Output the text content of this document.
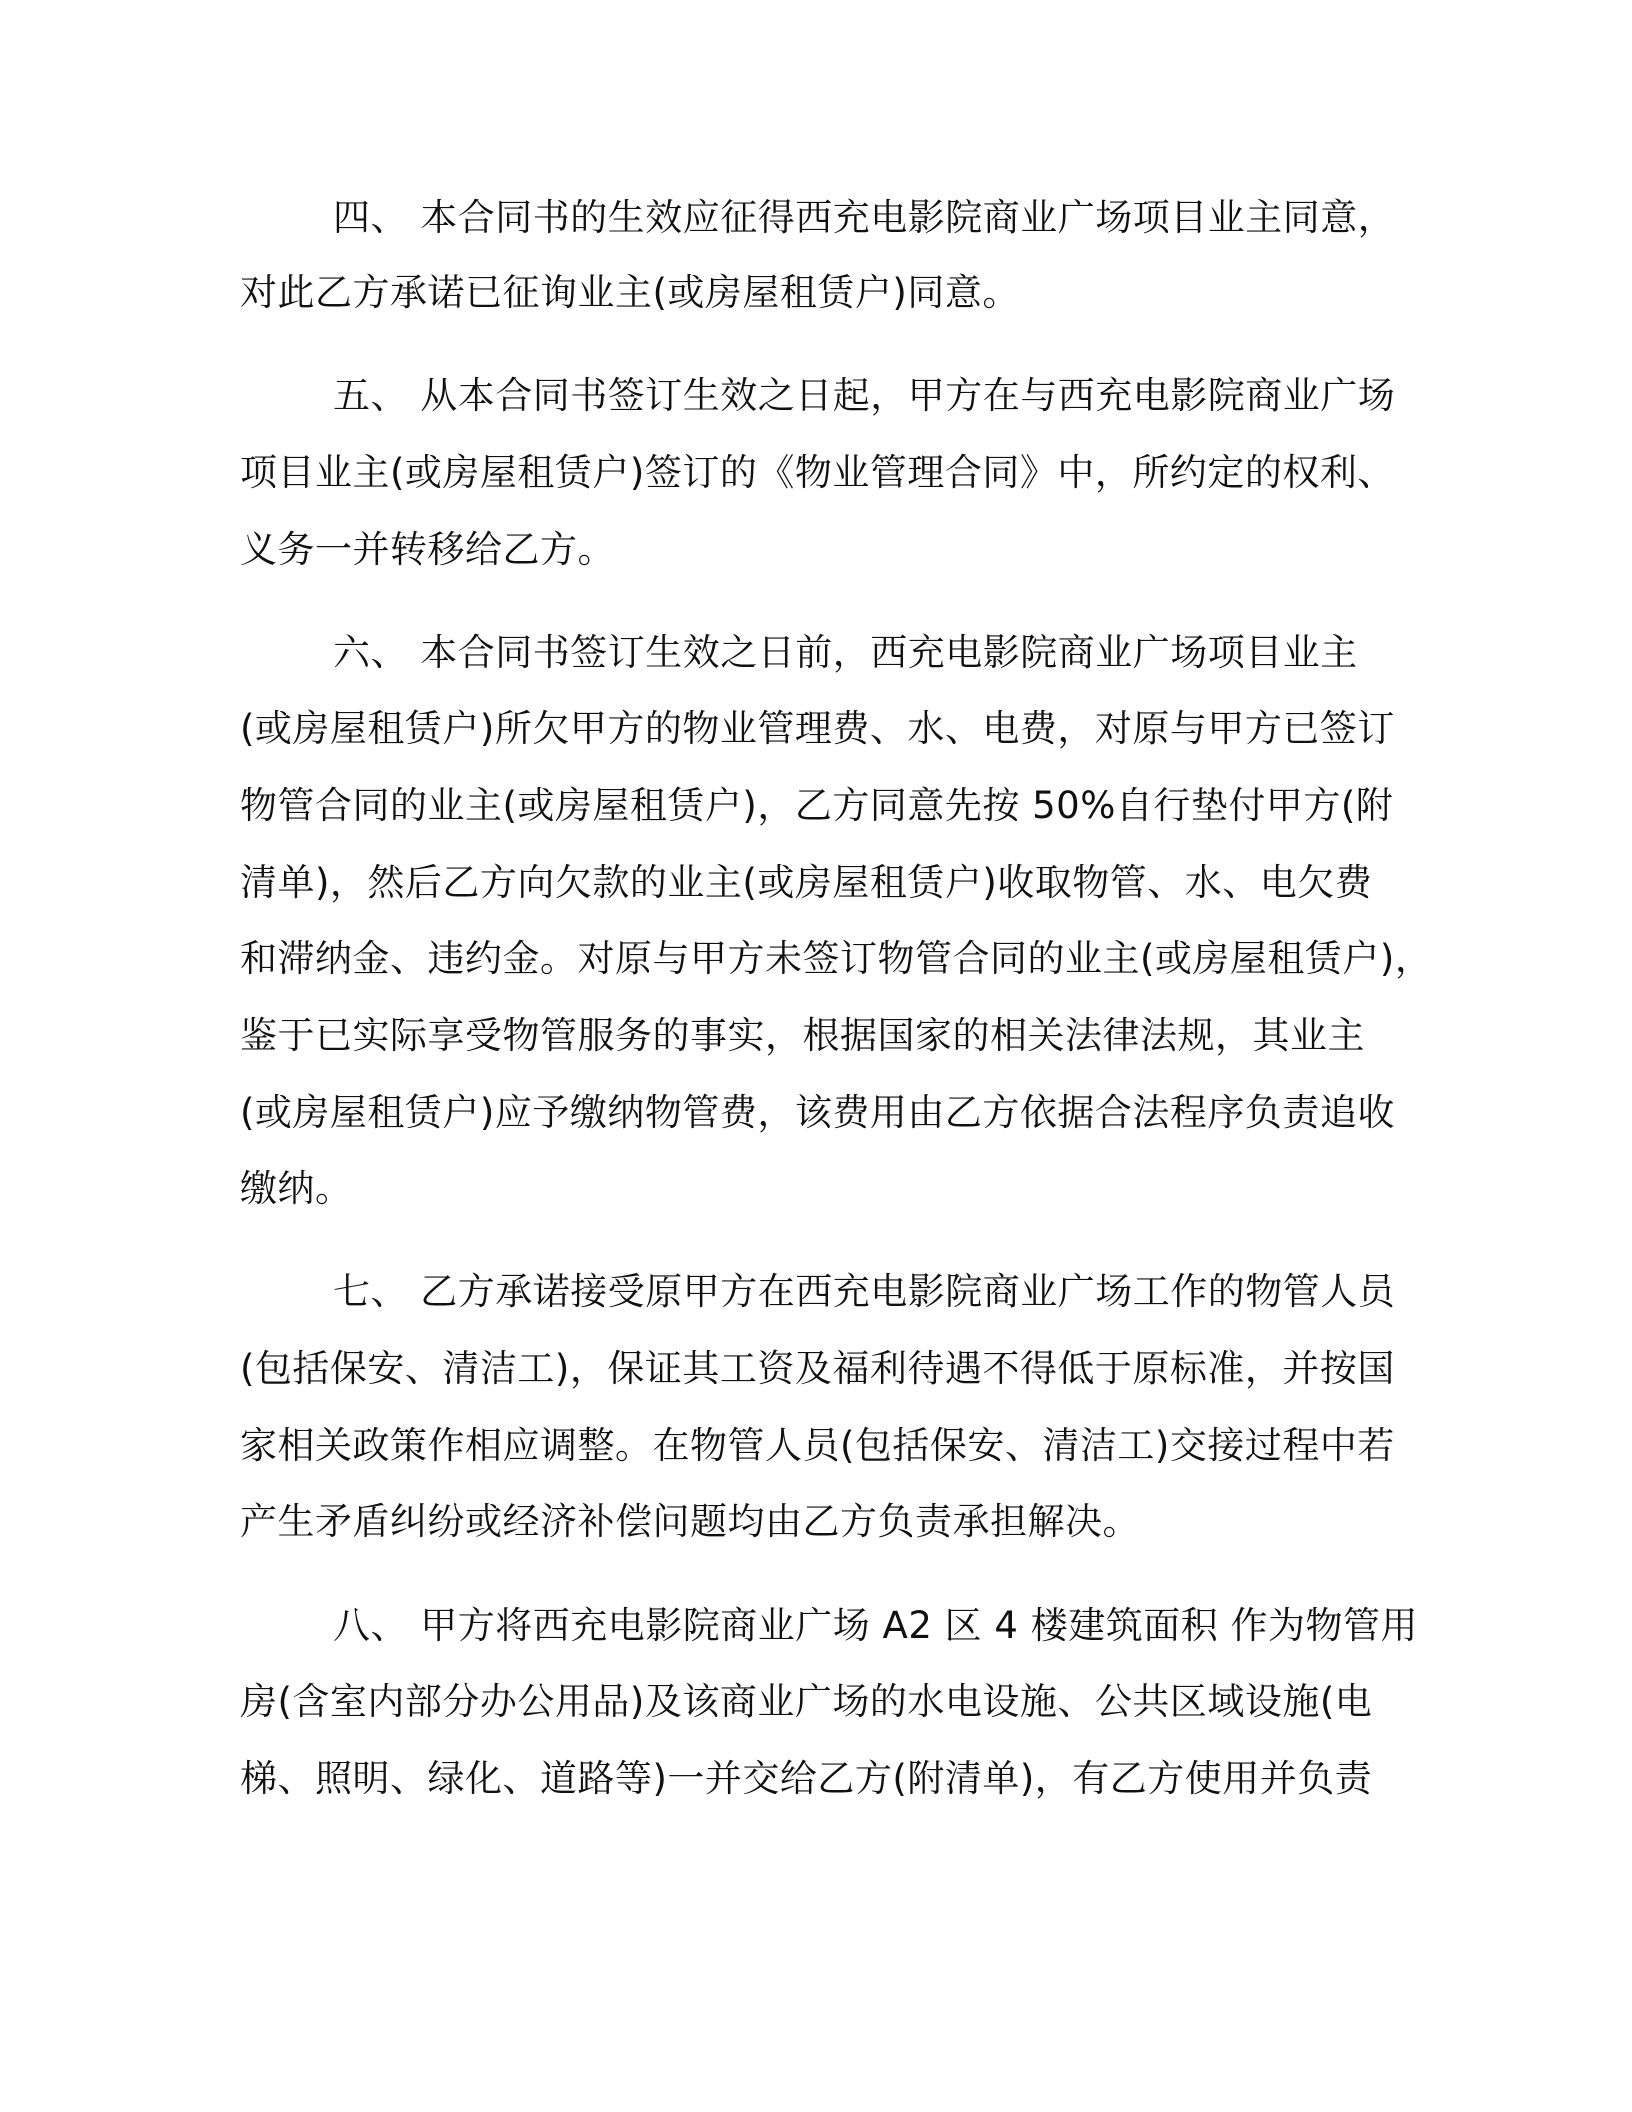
四、 本合同书的生效应征得西充电影院商业广场项目业主同意，
对此乙方承诺已征询业主(或房屋租赁户)同意。
五、 从本合同书签订生效之日起，甲方在与西充电影院商业广场
项目业主(或房屋租赁户)签订的《物业管理合同》中，所约定的权利、
义务一并转移给乙方。
六、 本合同书签订生效之日前，西充电影院商业广场项目业主
(或房屋租赁户)所欠甲方的物业管理费、水、电费，对原与甲方已签订
物管合同的业主(或房屋租赁户)，乙方同意先按 50%自行垫付甲方(附
清单)，然后乙方向欠款的业主(或房屋租赁户)收取物管、水、电欠费
和滞纳金、违约金。对原与甲方未签订物管合同的业主(或房屋租赁户)，
鉴于已实际享受物管服务的事实，根据国家的相关法律法规，其业主
(或房屋租赁户)应予缴纳物管费，该费用由乙方依据合法程序负责追收
缴纳。
七、 乙方承诺接受原甲方在西充电影院商业广场工作的物管人员
(包括保安、清洁工)，保证其工资及福利待遇不得低于原标准，并按国
家相关政策作相应调整。在物管人员(包括保安、清洁工)交接过程中若
产生矛盾纠纷或经济补偿问题均由乙方负责承担解决。
八、 甲方将西充电影院商业广场 A2 区 4 楼建筑面积 作为物管用
房(含室内部分办公用品)及该商业广场的水电设施、公共区域设施(电
梯、照明、绿化、道路等)一并交给乙方(附清单)，有乙方使用并负责
